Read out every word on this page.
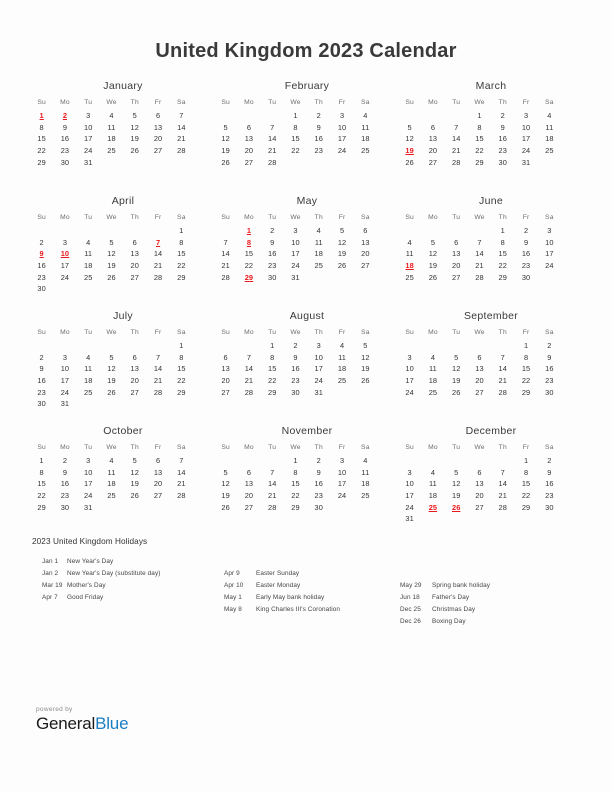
United Kingdom 2023 Calendar
January
Su	Mo	Tu	We	Th	Fr	Sa
1	2	3	4	5	6	7
8	9	10	11	12	13	14
15	16	17	18	19	20	21
22	23	24	25	26	27	28
29	30	31				
February
Su	Mo	Tu	We	Th	Fr	Sa
			1	2	3	4
5	6	7	8	9	10	11
12	13	14	15	16	17	18
19	20	21	22	23	24	25
26	27	28				
March
Su	Mo	Tu	We	Th	Fr	Sa
			1	2	3	4
5	6	7	8	9	10	11
12	13	14	15	16	17	18
19	20	21	22	23	24	25
26	27	28	29	30	31	
April
Su	Mo	Tu	We	Th	Fr	Sa
						1
2	3	4	5	6	7	8
9	10	11	12	13	14	15
16	17	18	19	20	21	22
23	24	25	26	27	28	29
30						
May
Su	Mo	Tu	We	Th	Fr	Sa
	1	2	3	4	5	6
7	8	9	10	11	12	13
14	15	16	17	18	19	20
21	22	23	24	25	26	27
28	29	30	31			
June
Su	Mo	Tu	We	Th	Fr	Sa
				1	2	3
4	5	6	7	8	9	10
11	12	13	14	15	16	17
18	19	20	21	22	23	24
25	26	27	28	29	30	
July
Su	Mo	Tu	We	Th	Fr	Sa
						1
2	3	4	5	6	7	8
9	10	11	12	13	14	15
16	17	18	19	20	21	22
23	24	25	26	27	28	29
30	31					
August
Su	Mo	Tu	We	Th	Fr	Sa
		1	2	3	4	5
6	7	8	9	10	11	12
13	14	15	16	17	18	19
20	21	22	23	24	25	26
27	28	29	30	31		
September
Su	Mo	Tu	We	Th	Fr	Sa
					1	2
3	4	5	6	7	8	9
10	11	12	13	14	15	16
17	18	19	20	21	22	23
24	25	26	27	28	29	30
October
Su	Mo	Tu	We	Th	Fr	Sa
1	2	3	4	5	6	7
8	9	10	11	12	13	14
15	16	17	18	19	20	21
22	23	24	25	26	27	28
29	30	31				
November
Su	Mo	Tu	We	Th	Fr	Sa
			1	2	3	4
5	6	7	8	9	10	11
12	13	14	15	16	17	18
19	20	21	22	23	24	25
26	27	28	29	30		
December
Su	Mo	Tu	We	Th	Fr	Sa
					1	2
3	4	5	6	7	8	9
10	11	12	13	14	15	16
17	18	19	20	21	22	23
24	25	26	27	28	29	30
31						
2023 United Kingdom Holidays
Jan 1	New Year's Day
Jan 2	New Year's Day (substitute day)
Mar 19 Mother's Day
Apr 7	Good Friday
Apr 9	Easter Sunday
Apr 10	Easter Monday
May 1	Early May bank holiday
May 8	King Charles III's Coronation
May 29	Spring bank holiday
Jun 18	Father's Day
Dec 25	Christmas Day
Dec 26	Boxing Day
powered by
GeneralBlue
